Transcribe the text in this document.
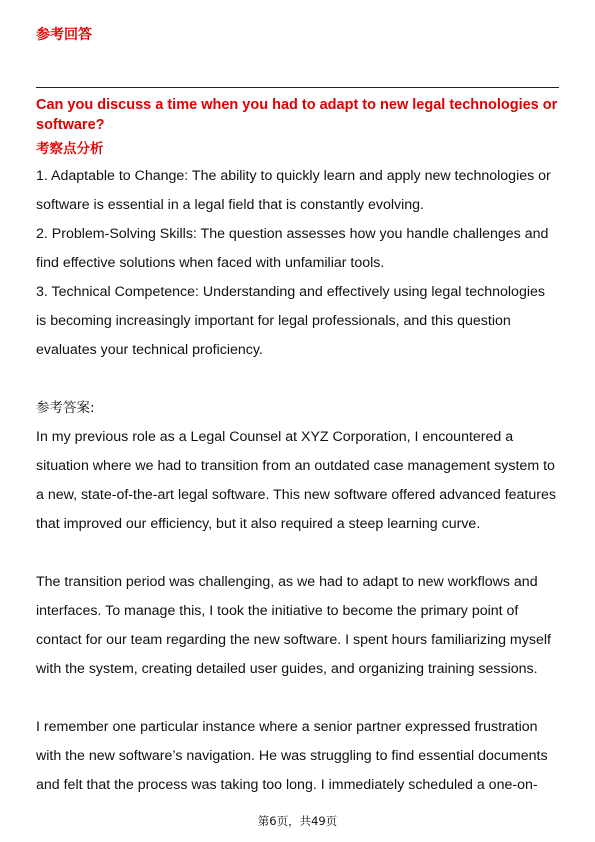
参考回答

Can you discuss a time when you had to adapt to new legal technologies or software?

考察点分析

1. Adaptable to Change: The ability to quickly learn and apply new technologies or software is essential in a legal field that is constantly evolving.

2. Problem-Solving Skills: The question assesses how you handle challenges and find effective solutions when faced with unfamiliar tools.

3. Technical Competence: Understanding and effectively using legal technologies is becoming increasingly important for legal professionals, and this question evaluates your technical proficiency.

参考答案:

In my previous role as a Legal Counsel at XYZ Corporation, I encountered a situation where we had to transition from an outdated case management system to a new, state-of-the-art legal software. This new software offered advanced features that improved our efficiency, but it also required a steep learning curve.

The transition period was challenging, as we had to adapt to new workflows and interfaces. To manage this, I took the initiative to become the primary point of contact for our team regarding the new software. I spent hours familiarizing myself with the system, creating detailed user guides, and organizing training sessions.

I remember one particular instance where a senior partner expressed frustration with the new software’s navigation. He was struggling to find essential documents and felt that the process was taking too long. I immediately scheduled a one-on-

第6页，共49页
